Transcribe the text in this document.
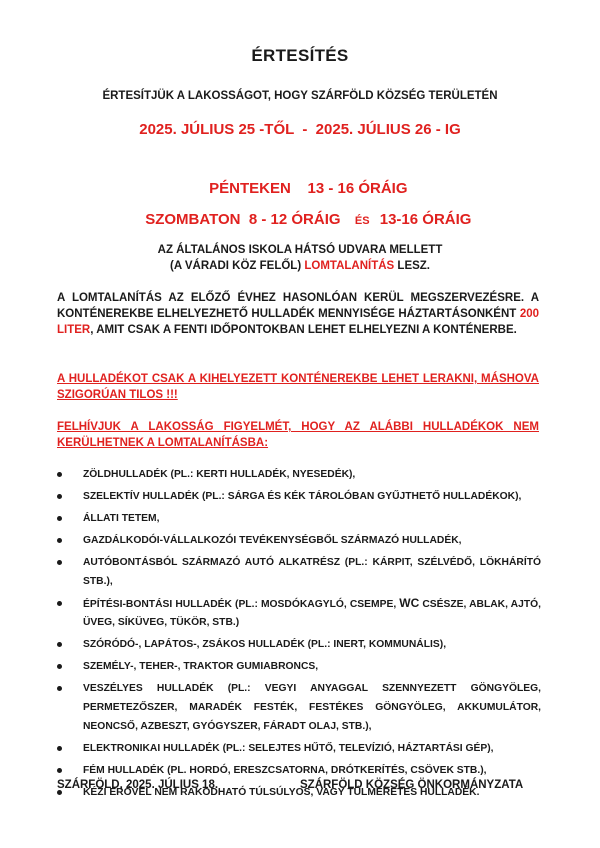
ÉRTESÍTÉS
ÉRTESÍTJÜK A LAKOSSÁGOT, HOGY SZÁRFÖLD KÖZSÉG TERÜLETÉN
2025. JÚLIUS 25 -TŐL  -  2025. JÚLIUS 26 - IG

PÉNTEKEN 13 - 16 ÓRÁIG

SZOMBATON 8 - 12 ÓRÁIG ÉS 13-16 ÓRÁIG

AZ ÁLTALÁNOS ISKOLA HÁTSÓ UDVARA MELLETT
(A VÁRADI KÖZ FELŐL) LOMTALANÍTÁS LESZ.
A LOMTALANÍTÁS AZ ELŐZŐ ÉVHEZ HASONLÓAN KERÜL MEGSZERVEZÉSRE. A KONTÉNEREKBE ELHELYEZHETŐ HULLADÉK MENNYISÉGE HÁZTARTÁSONKÉNT 200 LITER, AMIT CSAK A FENTI IDŐPONTOKBAN LEHET ELHELYEZNI A KONTÉNERBE.
A HULLADÉKOT CSAK A KIHELYEZETT KONTÉNEREKBE LEHET LERAKNI, MÁSHOVA SZIGORÚAN TILOS !!!
FELHÍVJUK A LAKOSSÁG FIGYELMÉT, HOGY AZ ALÁBBI HULLADÉKOK NEM KERÜLHETNEK A LOMTALANÍTÁSBA:
ZÖLDHULLADÉK (PL.: KERTI HULLADÉK, NYESEDÉK),
SZELEKTÍV HULLADÉK (PL.: SÁRGA ÉS KÉK TÁROLÓBAN GYŰJTHETŐ HULLADÉKOK),
ÁLLATI TETEM,
GAZDÁLKODÓI-VÁLLALKOZÓI TEVÉKENYSÉGBŐL SZÁRMAZÓ HULLADÉK,
AUTÓBONTÁSBÓL SZÁRMAZÓ AUTÓ ALKATRÉSZ (PL.: KÁRPIT, SZÉLVÉDŐ, LÖKHÁRÍTÓ STB.),
ÉPÍTÉSI-BONTÁSI HULLADÉK (PL.: MOSDÓKAGYLÓ, CSEMPE, WC CSÉSZE, ABLAK, AJTÓ, ÜVEG, SÍKÜVEG, TÜKÖR, STB.)
SZÓRÓDÓ-, LAPÁTOS-, ZSÁKOS HULLADÉK (PL.: INERT, KOMMUNÁLIS),
SZEMÉLY-, TEHER-, TRAKTOR GUMIABRONCS,
VESZÉLYES HULLADÉK (PL.: VEGYI ANYAGGAL SZENNYEZETT GÖNGYÖLEG, PERMETEZŐSZER, MARADÉK FESTÉK, FESTÉKES GÖNGYÖLEG, AKKUMULÁTOR, NEONCSŐ, AZBESZT, GYÓGYSZER, FÁRADT OLAJ, STB.),
ELEKTRONIKAI HULLADÉK (PL.: SELEJTES HŰTŐ, TELEVÍZIÓ, HÁZTARTÁSI GÉP),
FÉM HULLADÉK (PL. HORDÓ, ERESZCSATORNA, DRÓTKERÍTÉS, CSÖVEK STB.),
KÉZI ERŐVEL NEM RAKODHATÓ TÚLSÚLYOS, VAGY TÚLMÉRETES HULLADÉK.
SZÁRFÖLD, 2025. JÚLIUS 18.	SZÁRFÖLD KÖZSÉG ÖNKORMÁNYZATA
